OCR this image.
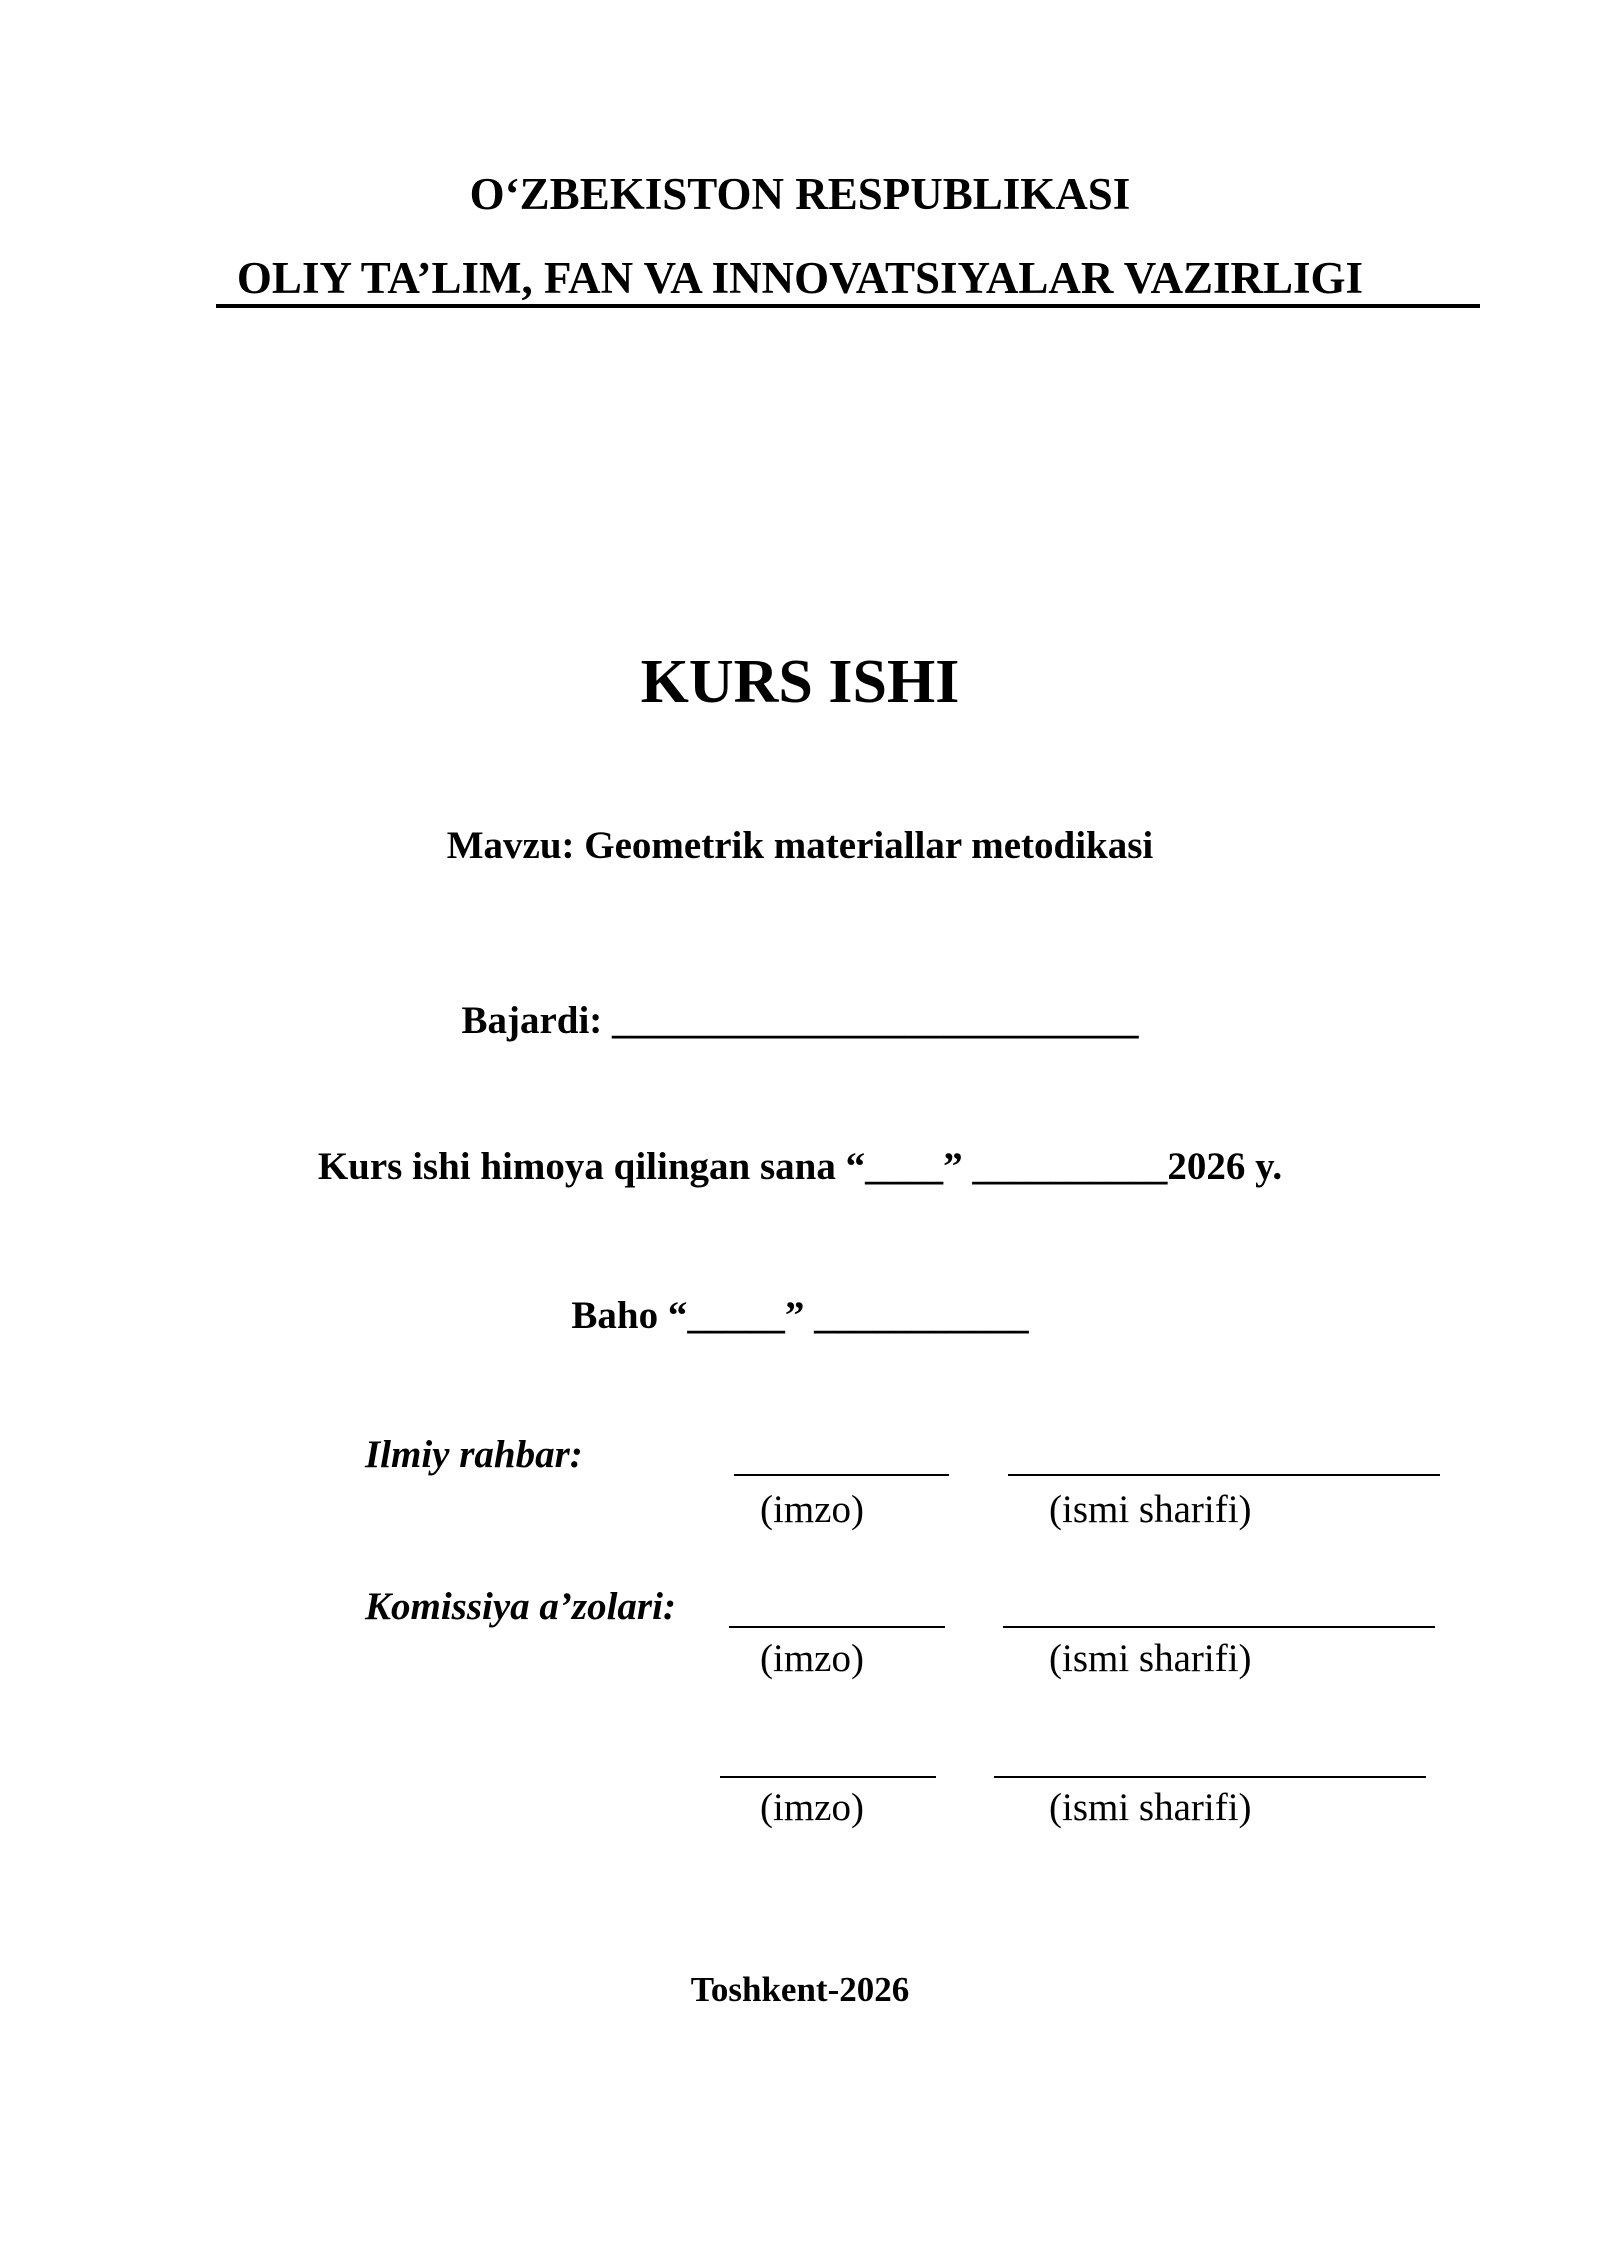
O‘ZBEKISTON RESPUBLIKASI
OLIY TA’LIM, FAN VA INNOVATSIYALAR VAZIRLIGI
KURS ISHI
Mavzu: Geometrik materiallar metodikasi
Bajardi: ___________________________
Kurs ishi himoya qilingan sana “____” __________2026 y.
Baho “_____” ___________
Ilmiy rahbar:
(imzo)	(ismi sharifi)
Komissiya a’zolari:
(imzo)	(ismi sharifi)
(imzo)	(ismi sharifi)
Toshkent-2026
